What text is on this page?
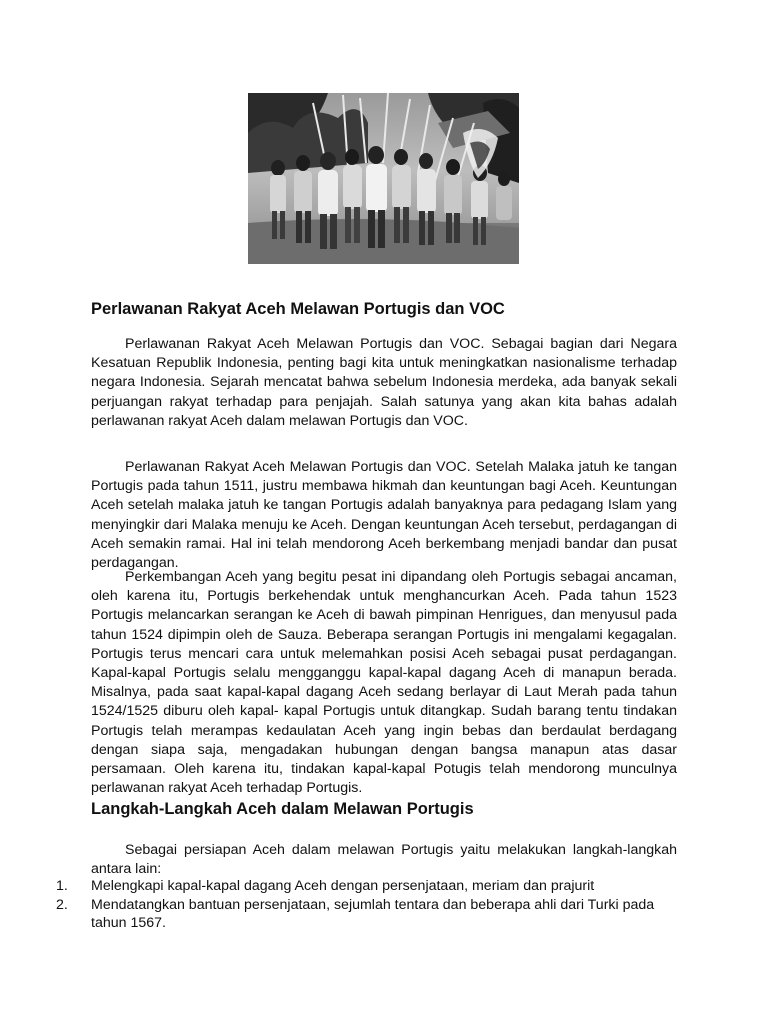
Perlawanan Rakyat Aceh Melawan Portugis dan VOC

Perlawanan Rakyat Aceh Melawan Portugis dan VOC. Sebagai bagian dari Negara Kesatuan Republik Indonesia, penting bagi kita untuk meningkatkan nasionalisme terhadap negara Indonesia. Sejarah mencatat bahwa sebelum Indonesia merdeka, ada banyak sekali perjuangan rakyat terhadap para penjajah. Salah satunya yang akan kita bahas adalah perlawanan rakyat Aceh dalam melawan Portugis dan VOC.

Perlawanan Rakyat Aceh Melawan Portugis dan VOC. Setelah Malaka jatuh ke tangan Portugis pada tahun 1511, justru membawa hikmah dan keuntungan bagi Aceh. Keuntungan Aceh setelah malaka jatuh ke tangan Portugis adalah banyaknya para pedagang Islam yang menyingkir dari Malaka menuju ke Aceh. Dengan keuntungan Aceh tersebut, perdagangan di Aceh semakin ramai. Hal ini telah mendorong Aceh berkembang menjadi bandar dan pusat perdagangan.

Perkembangan Aceh yang begitu pesat ini dipandang oleh Portugis sebagai ancaman, oleh karena itu, Portugis berkehendak untuk menghancurkan Aceh. Pada tahun 1523 Portugis melancarkan serangan ke Aceh di bawah pimpinan Henrigues, dan menyusul pada tahun 1524 dipimpin oleh de Sauza. Beberapa serangan Portugis ini mengalami kegagalan. Portugis terus mencari cara untuk melemahkan posisi Aceh sebagai pusat perdagangan. Kapal-kapal Portugis selalu mengganggu kapal-kapal dagang Aceh di manapun berada. Misalnya, pada saat kapal-kapal dagang Aceh sedang berlayar di Laut Merah pada tahun 1524/1525 diburu oleh kapal- kapal Portugis untuk ditangkap. Sudah barang tentu tindakan Portugis telah merampas kedaulatan Aceh yang ingin bebas dan berdaulat berdagang dengan siapa saja, mengadakan hubungan dengan bangsa manapun atas dasar persamaan. Oleh karena itu, tindakan kapal-kapal Potugis telah mendorong munculnya perlawanan rakyat Aceh terhadap Portugis.

Langkah-Langkah Aceh dalam Melawan Portugis

Sebagai persiapan Aceh dalam melawan Portugis yaitu melakukan langkah-langkah antara lain:

1.	Melengkapi kapal-kapal dagang Aceh dengan persenjataan, meriam dan prajurit
2.	Mendatangkan bantuan persenjataan, sejumlah tentara dan beberapa ahli dari Turki pada tahun 1567.
